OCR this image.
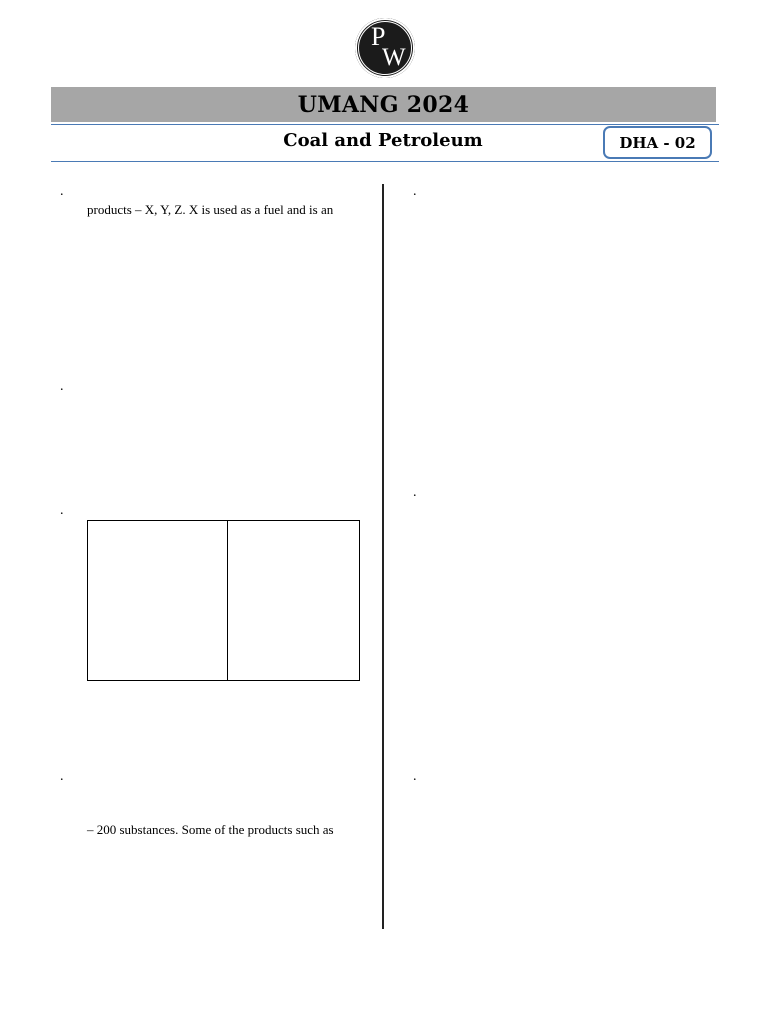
P
W
UMANG 2024
Coal and Petroleum	DHA - 02
.
products – X, Y, Z. X is used as a fuel and is an
.
.
.
– 200 substances. Some of the products such as
.
.
.
